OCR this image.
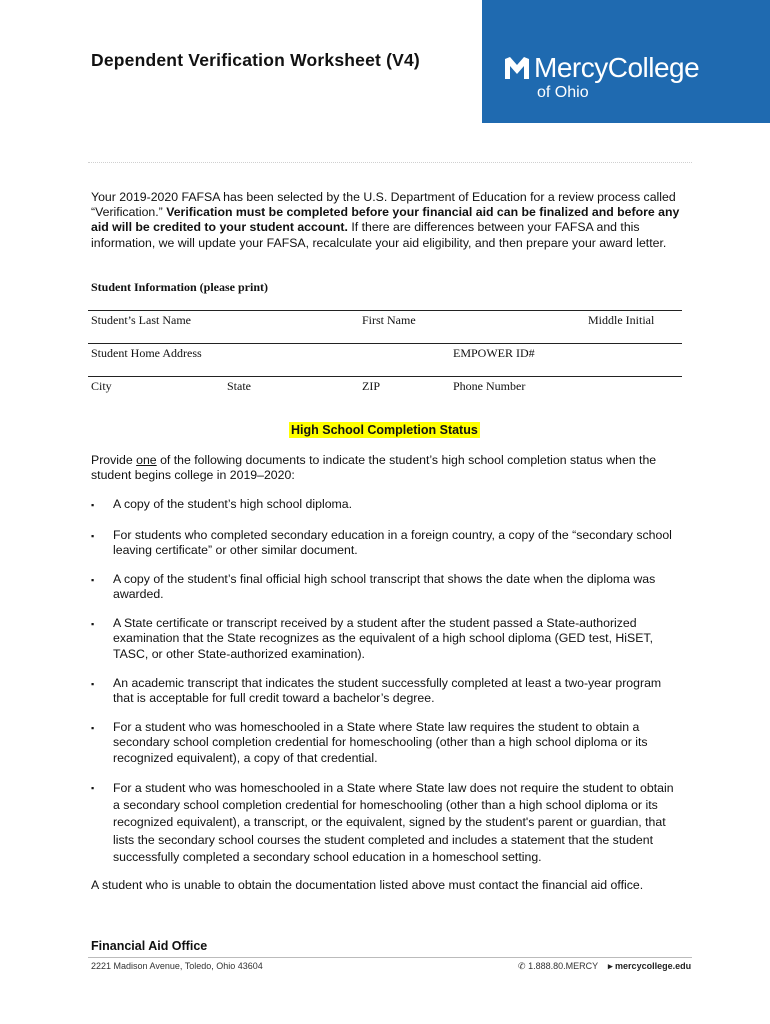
Dependent Verification Worksheet (V4)	MercyCollege
of Ohio
Your 2019-2020 FAFSA has been selected by the U.S. Department of Education for a review process called “Verification.” Verification must be completed before your financial aid can be finalized and before any aid will be credited to your student account. If there are differences between your FAFSA and this information, we will update your FAFSA, recalculate your aid eligibility, and then prepare your award letter.
Student Information (please print)
Student’s Last Name	First Name	Middle Initial
Student Home Address	EMPOWER ID#
City	State	ZIP	Phone Number
High School Completion Status
Provide one of the following documents to indicate the student’s high school completion status when the student begins college in 2019–2020:
▪ A copy of the student’s high school diploma.
▪ For students who completed secondary education in a foreign country, a copy of the “secondary school leaving certificate” or other similar document.
▪ A copy of the student’s final official high school transcript that shows the date when the diploma was awarded.
▪ A State certificate or transcript received by a student after the student passed a State-authorized examination that the State recognizes as the equivalent of a high school diploma (GED test, HiSET, TASC, or other State-authorized examination).
▪ An academic transcript that indicates the student successfully completed at least a two-year program that is acceptable for full credit toward a bachelor’s degree.
▪ For a student who was homeschooled in a State where State law requires the student to obtain a secondary school completion credential for homeschooling (other than a high school diploma or its recognized equivalent), a copy of that credential.
▪ For a student who was homeschooled in a State where State law does not require the student to obtain a secondary school completion credential for homeschooling (other than a high school diploma or its recognized equivalent), a transcript, or the equivalent, signed by the student's parent or guardian, that lists the secondary school courses the student completed and includes a statement that the student successfully completed a secondary school education in a homeschool setting.
A student who is unable to obtain the documentation listed above must contact the financial aid office.
Financial Aid Office
2221 Madison Avenue, Toledo, Ohio 43604	✆ 1.888.80.MERCY ▸ mercycollege.edu
